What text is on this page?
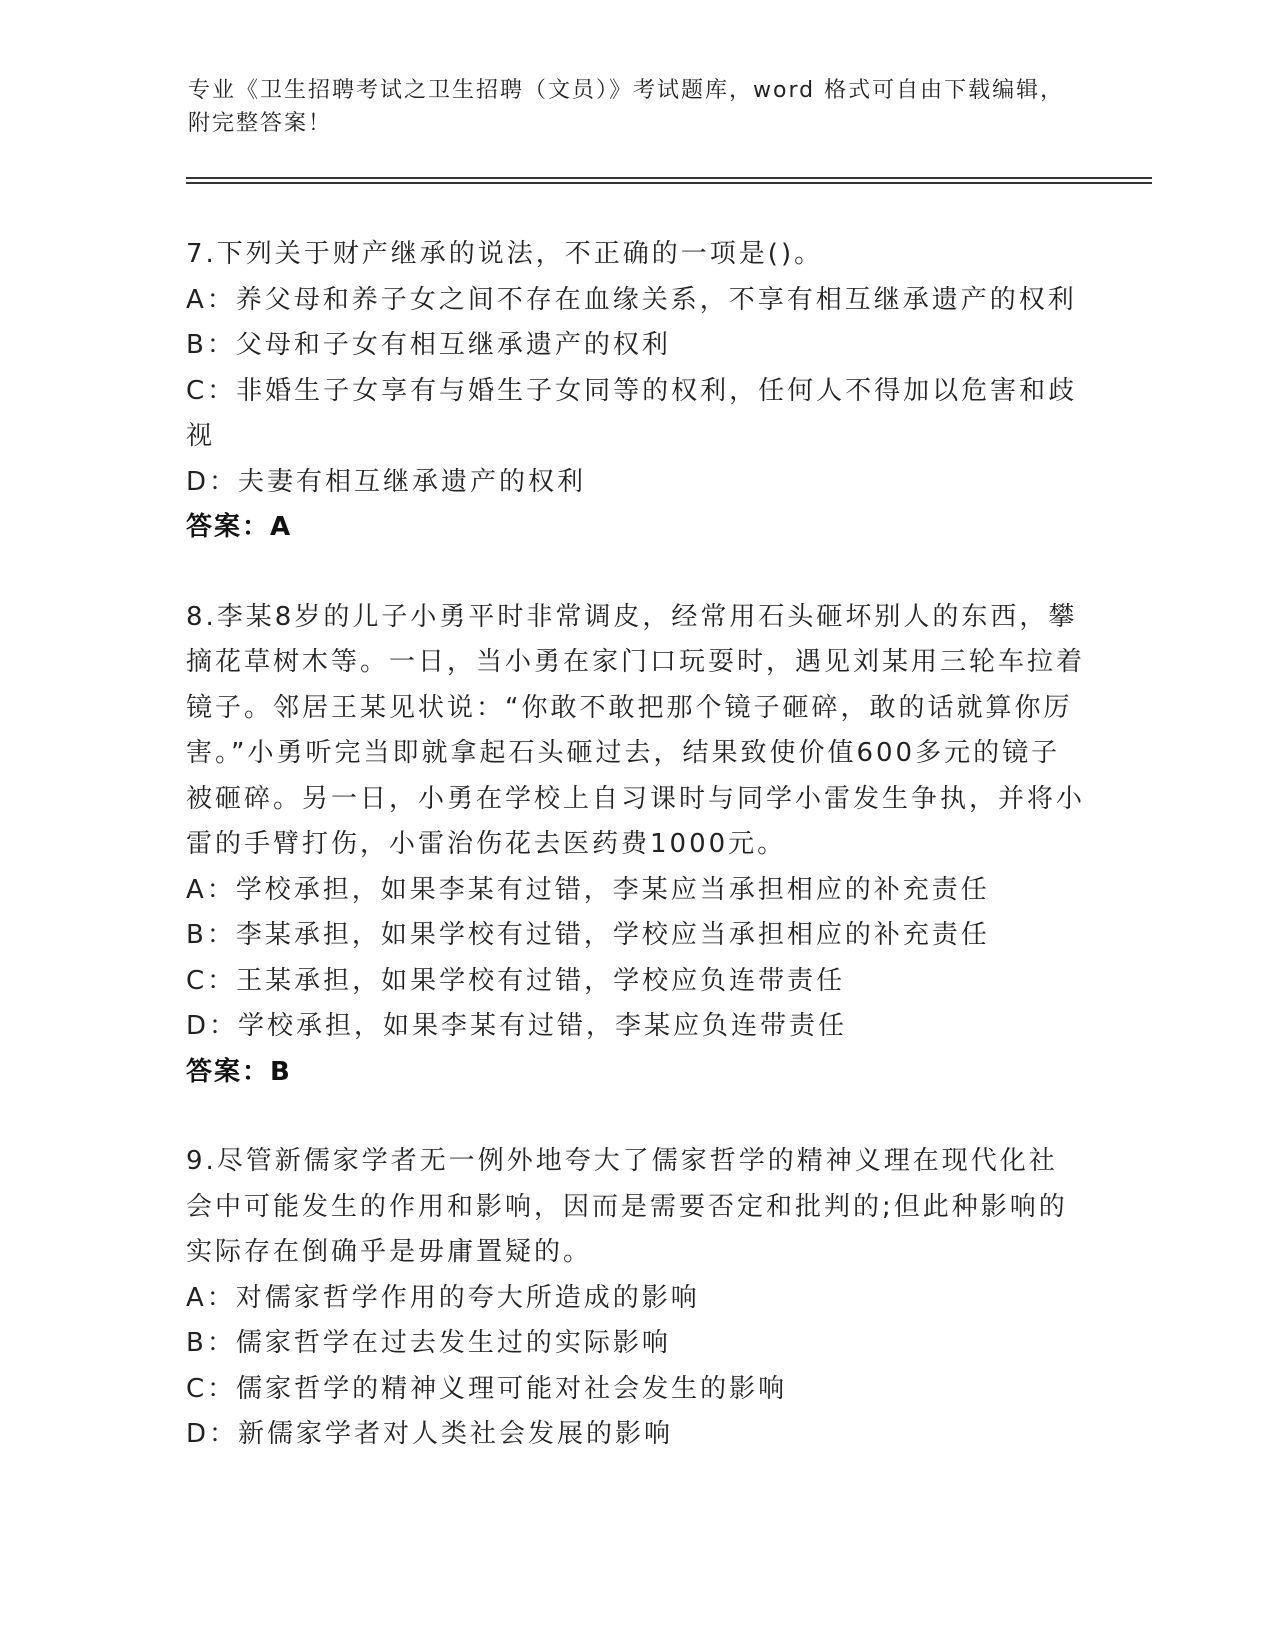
专业《卫生招聘考试之卫生招聘（文员）》考试题库，word 格式可自由下载编辑，附完整答案！

7.下列关于财产继承的说法，不正确的一项是()。

A：养父母和养子女之间不存在血缘关系，不享有相互继承遗产的权利

B：父母和子女有相互继承遗产的权利

C：非婚生子女享有与婚生子女同等的权利，任何人不得加以危害和歧视

D：夫妻有相互继承遗产的权利

答案：A

8.李某8岁的儿子小勇平时非常调皮，经常用石头砸坏别人的东西，攀摘花草树木等。一日，当小勇在家门口玩耍时，遇见刘某用三轮车拉着镜子。邻居王某见状说：“你敢不敢把那个镜子砸碎，敢的话就算你厉害。”小勇听完当即就拿起石头砸过去，结果致使价值600多元的镜子被砸碎。另一日，小勇在学校上自习课时与同学小雷发生争执，并将小雷的手臂打伤，小雷治伤花去医药费1000元。

A：学校承担，如果李某有过错，李某应当承担相应的补充责任

B：李某承担，如果学校有过错，学校应当承担相应的补充责任

C：王某承担，如果学校有过错，学校应负连带责任

D：学校承担，如果李某有过错，李某应负连带责任

答案：B

9.尽管新儒家学者无一例外地夸大了儒家哲学的精神义理在现代化社会中可能发生的作用和影响，因而是需要否定和批判的;但此种影响的实际存在倒确乎是毋庸置疑的。

A：对儒家哲学作用的夸大所造成的影响

B：儒家哲学在过去发生过的实际影响

C：儒家哲学的精神义理可能对社会发生的影响

D：新儒家学者对人类社会发展的影响
